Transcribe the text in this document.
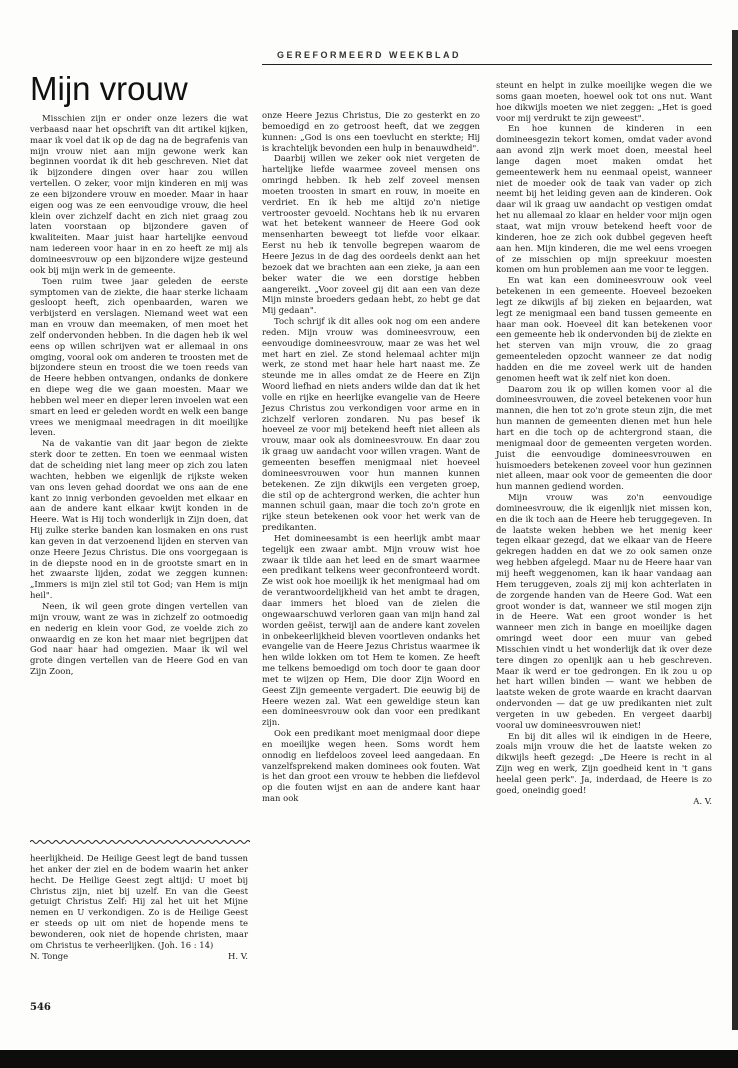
GEREFORMEERD WEEKBLAD
Mijn vrouw

Misschien zijn er onder onze lezers die wat verbaasd naar het opschrift van dit artikel kijken, maar ik voel dat ik op de dag na de begrafenis van mijn vrouw niet aan mijn gewone werk kan beginnen voordat ik dit heb geschreven. Niet dat ik bijzondere dingen over haar zou willen vertellen. O zeker, voor mijn kinderen en mij was ze een bijzondere vrouw en moeder. Maar in haar eigen oog was ze een eenvoudige vrouw, die heel klein over zichzelf dacht en zich niet graag zou laten voorstaan op bijzondere gaven of kwaliteiten. Maar juist haar hartelijke eenvoud nam iedereen voor haar in en zo heeft ze mij als domineesvrouw op een bijzondere wijze gesteund ook bij mijn werk in de gemeente.

Toen ruim twee jaar geleden de eerste symptomen van de ziekte, die haar sterke lichaam gesloopt heeft, zich openbaarden, waren we verbijsterd en verslagen. Niemand weet wat een man en vrouw dan meemaken, of men moet het zelf ondervonden hebben. In die dagen heb ik wel eens op willen schrijven wat er allemaal in ons omging, vooral ook om anderen te troosten met de bijzondere steun en troost die we toen reeds van de Heere hebben ontvangen, ondanks de donkere en diepe weg die we gaan moesten. Maar we hebben wel meer en dieper leren invoelen wat een smart en leed er geleden wordt en welk een bange vrees we menigmaal meedragen in dit moeilijke leven.

Na de vakantie van dit jaar begon de ziekte sterk door te zetten. En toen we eenmaal wisten dat de scheiding niet lang meer op zich zou laten wachten, hebben we eigenlijk de rijkste weken van ons leven gehad doordat we ons aan de ene kant zo innig verbonden gevoelden met elkaar en aan de andere kant elkaar kwijt konden in de Heere. Wat is Hij toch wonderlijk in Zijn doen, dat Hij zulke sterke banden kan losmaken en ons rust kan geven in dat verzoenend lijden en sterven van onze Heere Jezus Christus. Die ons voorgegaan is in de diepste nood en in de grootste smart en in het zwaarste lijden, zodat we zeggen kunnen: „Immers is mijn ziel stil tot God; van Hem is mijn heil".

Neen, ik wil geen grote dingen vertellen van mijn vrouw, want ze was in zichzelf zo ootmoedig en nederig en klein voor God, ze voelde zich zo onwaardig en ze kon het maar niet begrijpen dat God naar haar had omgezien. Maar ik wil wel grote dingen vertellen van de Heere God en van Zijn Zoon,

heerlijkheid. De Heilige Geest legt de band tussen het anker der ziel en de bodem waarin het anker hecht. De Heilige Geest zegt altijd: U moet bij Christus zijn, niet bij uzelf. En van die Geest getuigt Christus Zelf: Hij zal het uit het Mijne nemen en U verkondigen. Zo is de Heilige Geest er steeds op uit om niet de hopende mens te bewonderen, ook niet de hopende christen, maar om Christus te verheerlijken. (Joh. 16 : 14)

N. Tonge	H. V.

onze Heere Jezus Christus, Die zo gesterkt en zo bemoedigd en zo getroost heeft, dat we zeggen kunnen: „God is ons een toevlucht en sterkte; Hij is krachtelijk bevonden een hulp in benauwdheid".

Daarbij willen we zeker ook niet vergeten de hartelijke liefde waarmee zoveel mensen ons omringd hebben. Ik heb zelf zoveel mensen moeten troosten in smart en rouw, in moeite en verdriet. En ik heb me altijd zo'n nietige vertrooster gevoeld. Nochtans heb ik nu ervaren wat het betekent wanneer de Heere God ook mensenharten beweegt tot liefde voor elkaar. Eerst nu heb ik tenvolle begrepen waarom de Heere Jezus in de dag des oordeels denkt aan het bezoek dat we brachten aan een zieke, ja aan een beker water die we een dorstige hebben aangereikt. „Voor zoveel gij dit aan een van deze Mijn minste broeders gedaan hebt, zo hebt ge dat Mij gedaan".

Toch schrijf ik dit alles ook nog om een andere reden. Mijn vrouw was domineesvrouw, een eenvoudige domineesvrouw, maar ze was het wel met hart en ziel. Ze stond helemaal achter mijn werk, ze stond met haar hele hart naast me. Ze steunde me in alles omdat ze de Heere en Zijn Woord liefhad en niets anders wilde dan dat ik het volle en rijke en heerlijke evangelie van de Heere Jezus Christus zou verkondigen voor arme en in zichzelf verloren zondaren. Nu pas besef ik hoeveel ze voor mij betekend heeft niet alleen als vrouw, maar ook als domineesvrouw. En daar zou ik graag uw aandacht voor willen vragen. Want de gemeenten beseffen menigmaal niet hoeveel domineesvrouwen voor hun mannen kunnen betekenen. Ze zijn dikwijls een vergeten groep, die stil op de achtergrond werken, die achter hun mannen schuil gaan, maar die toch zo'n grote en rijke steun betekenen ook voor het werk van de predikanten.

Het domineesambt is een heerlijk ambt maar tegelijk een zwaar ambt. Mijn vrouw wist hoe zwaar ik tilde aan het leed en de smart waarmee een predikant telkens weer geconfronteerd wordt. Ze wist ook hoe moeilijk ik het menigmaal had om de verantwoordelijkheid van het ambt te dragen, daar immers het bloed van de zielen die ongewaarschuwd verloren gaan van mijn hand zal worden geëist, terwijl aan de andere kant zovelen in onbekeerlijkheid bleven voortleven ondanks het evangelie van de Heere Jezus Christus waarmee ik hen wilde lokken om tot Hem te komen. Ze heeft me telkens bemoedigd om toch door te gaan door met te wijzen op Hem, Die door Zijn Woord en Geest Zijn gemeente vergadert. Die eeuwig bij de Heere wezen zal. Wat een geweldige steun kan een domineesvrouw ook dan voor een predikant zijn.

Ook een predikant moet menigmaal door diepe en moeilijke wegen heen. Soms wordt hem onnodig en liefdeloos zoveel leed aangedaan. En vanzelfsprekend maken dominees ook fouten. Wat is het dan groot een vrouw te hebben die liefdevol op die fouten wijst en aan de andere kant haar man ook

steunt en helpt in zulke moeilijke wegen die we soms gaan moeten, hoewel ook tot ons nut. Want hoe dikwijls moeten we niet zeggen: „Het is goed voor mij verdrukt te zijn geweest".

En hoe kunnen de kinderen in een domineesgezin tekort komen, omdat vader avond aan avond zijn werk moet doen, meestal heel lange dagen moet maken omdat het gemeentewerk hem nu eenmaal opeist, wanneer niet de moeder ook de taak van vader op zich neemt bij het leiding geven aan de kinderen. Ook daar wil ik graag uw aandacht op vestigen omdat het nu allemaal zo klaar en helder voor mijn ogen staat, wat mijn vrouw betekend heeft voor de kinderen, hoe ze zich ook dubbel gegeven heeft aan hen. Mijn kinderen, die me wel eens vroegen of ze misschien op mijn spreekuur moesten komen om hun problemen aan me voor te leggen.

En wat kan een domineesvrouw ook veel betekenen in een gemeente. Hoeveel bezoeken legt ze dikwijls af bij zieken en bejaarden, wat legt ze menigmaal een band tussen gemeente en haar man ook. Hoeveel dit kan betekenen voor een gemeente heb ik ondervonden bij de ziekte en het sterven van mijn vrouw, die zo graag gemeenteleden opzocht wanneer ze dat nodig hadden en die me zoveel werk uit de handen genomen heeft wat ik zelf niet kon doen.

Daarom zou ik op willen komen voor al die domineesvrouwen, die zoveel betekenen voor hun mannen, die hen tot zo'n grote steun zijn, die met hun mannen de gemeenten dienen met hun hele hart en die toch op de achtergrond staan, die menigmaal door de gemeenten vergeten worden. Juist die eenvoudige domineesvrouwen en huismoeders betekenen zoveel voor hun gezinnen niet alleen, maar ook voor de gemeenten die door hun mannen gediend worden.

Mijn vrouw was zo'n eenvoudige domineesvrouw, die ik eigenlijk niet missen kon, en die ik toch aan de Heere heb teruggegeven. In de laatste weken hebben we het menig keer tegen elkaar gezegd, dat we elkaar van de Heere gekregen hadden en dat we zo ook samen onze weg hebben afgelegd. Maar nu de Heere haar van mij heeft weggenomen, kan ik haar vandaag aan Hem teruggeven, zoals zij mij kon achterlaten in de zorgende handen van de Heere God. Wat een groot wonder is dat, wanneer we stil mogen zijn in de Heere. Wat een groot wonder is het wanneer men zich in bange en moeilijke dagen omringd weet door een muur van gebed Misschien vindt u het wonderlijk dat ik over deze tere dingen zo openlijk aan u heb geschreven. Maar ik werd er toe gedrongen. En ik zou u op het hart willen binden — want we hebben de laatste weken de grote waarde en kracht daarvan ondervonden — dat ge uw predikanten niet zult vergeten in uw gebeden. En vergeet daarbij vooral uw domineesvrouwen niet!

En bij dit alles wil ik eindigen in de Heere, zoals mijn vrouw die het de laatste weken zo dikwijls heeft gezegd: „De Heere is recht in al Zijn weg en werk, Zijn goedheid kent in 't gans heelal geen perk". Ja, inderdaad, de Heere is zo goed, oneindig goed!

A. V.
546
